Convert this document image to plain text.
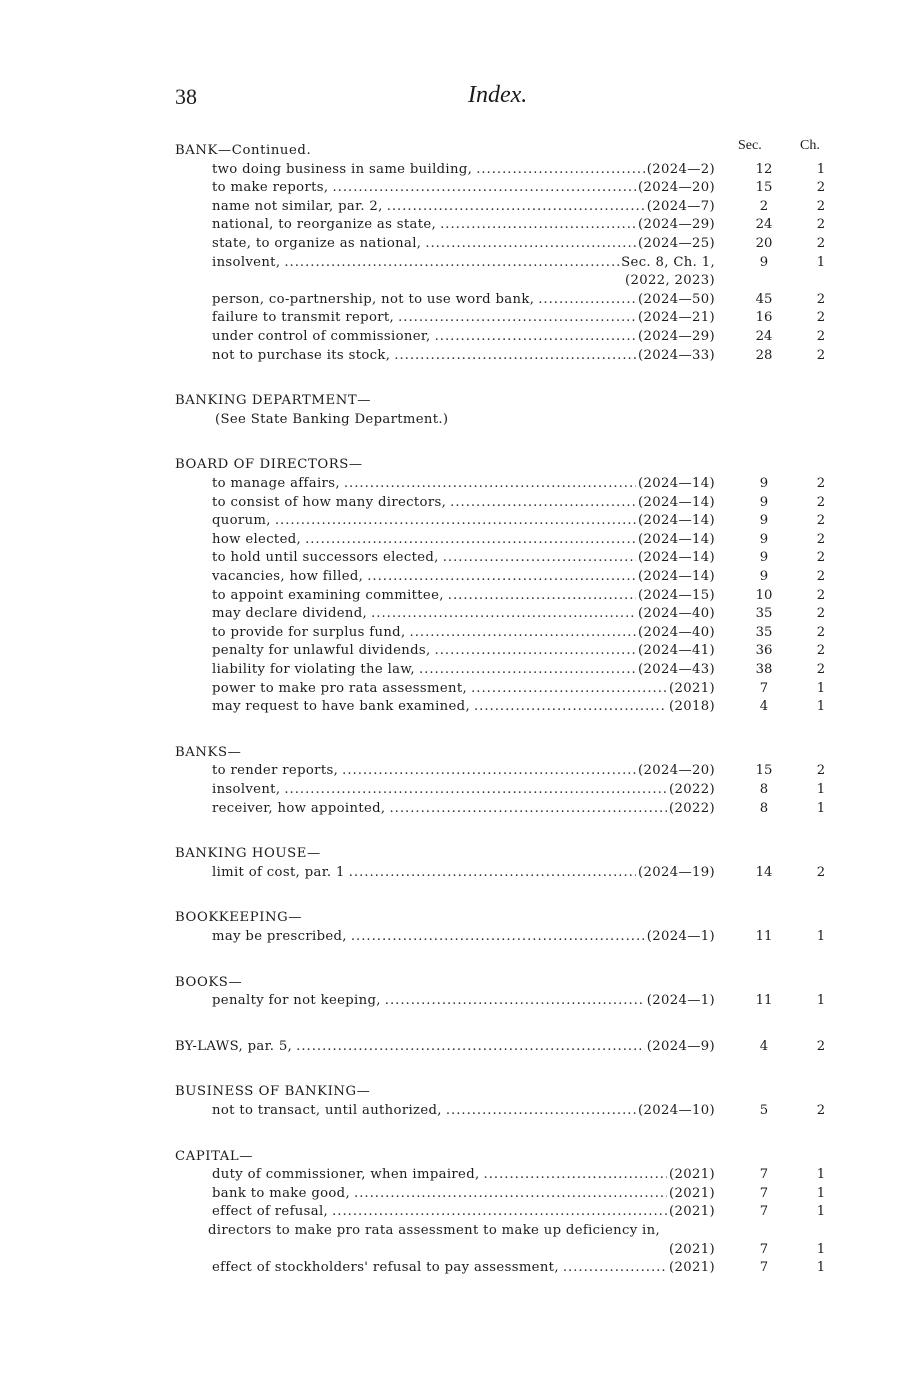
38	Index.
Sec.	Ch.
BANK—Continued.
two doing business in same building, . . .	(2024—2)	12	1
to make reports, . . .	(2024—20)	15	2
name not similar, par. 2, . . .	(2024—7)	2	2
national, to reorganize as state, . . .	(2024—29)	24	2
state, to organize as national, . . .	(2024—25)	20	2
insolvent, . . .	Sec. 8, Ch. 1,	9	1
(2022, 2023)
person, co-partnership, not to use word bank, . . .	(2024—50)	45	2
failure to transmit report, . . .	(2024—21)	16	2
under control of commissioner, . . .	(2024—29)	24	2
not to purchase its stock, . . .	(2024—33)	28	2
BANKING DEPARTMENT—
(See State Banking Department.)
BOARD OF DIRECTORS—
to manage affairs, . . .	(2024—14)	9	2
to consist of how many directors, . . .	(2024—14)	9	2
quorum, . . .	(2024—14)	9	2
how elected, . . .	(2024—14)	9	2
to hold until successors elected, . . .	(2024—14)	9	2
vacancies, how filled, . . .	(2024—14)	9	2
to appoint examining committee, . . .	(2024—15)	10	2
may declare dividend, . . .	(2024—40)	35	2
to provide for surplus fund, . . .	(2024—40)	35	2
penalty for unlawful dividends, . . .	(2024—41)	36	2
liability for violating the law, . . .	(2024—43)	38	2
power to make pro rata assessment, . . .	(2021)	7	1
may request to have bank examined, . . .	(2018)	4	1
BANKS—
to render reports, . . .	(2024—20)	15	2
insolvent, . . .	(2022)	8	1
receiver, how appointed, . . .	(2022)	8	1
BANKING HOUSE—
limit of cost, par. 1 . . .	(2024—19)	14	2
BOOKKEEPING—
may be prescribed, . . .	(2024—1)	11	1
BOOKS—
penalty for not keeping, . . .	(2024—1)	11	1
BY-LAWS, par. 5, . . .	(2024—9)	4	2
BUSINESS OF BANKING—
not to transact, until authorized, . . .	(2024—10)	5	2
CAPITAL—
duty of commissioner, when impaired, . . .	(2021)	7	1
bank to make good, . . .	(2021)	7	1
effect of refusal, . . .	(2021)	7	1
directors to make pro rata assessment to make up deficiency in,
(2021)	7	1
effect of stockholders' refusal to pay assessment, . . .	(2021)	7	1
